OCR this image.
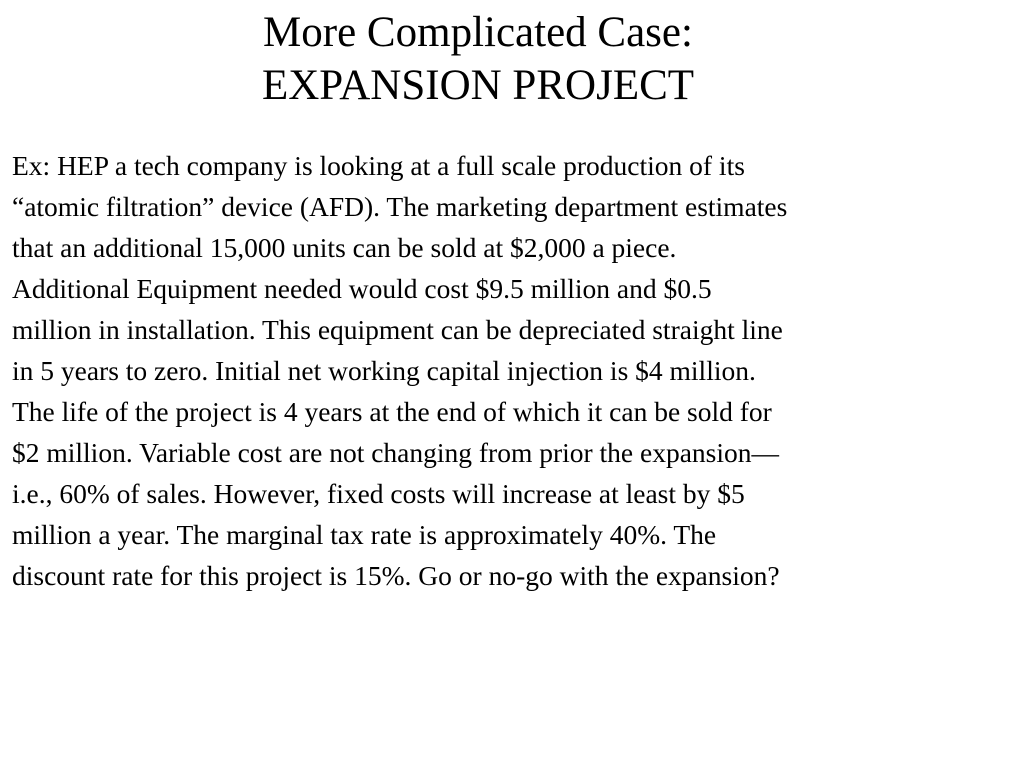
More Complicated Case:
EXPANSION PROJECT

Ex: HEP a tech company is looking at a full scale production of its
“atomic filtration” device (AFD). The marketing department estimates
that an additional 15,000 units can be sold at $2,000 a piece.
Additional Equipment needed would cost $9.5 million and $0.5
million in installation. This equipment can be depreciated straight line
in 5 years to zero. Initial net working capital injection is $4 million.
The life of the project is 4 years at the end of which it can be sold for
$2 million. Variable cost are not changing from prior the expansion—
i.e., 60% of sales. However, fixed costs will increase at least by $5
million a year. The marginal tax rate is approximately 40%. The
discount rate for this project is 15%. Go or no-go with the expansion?
